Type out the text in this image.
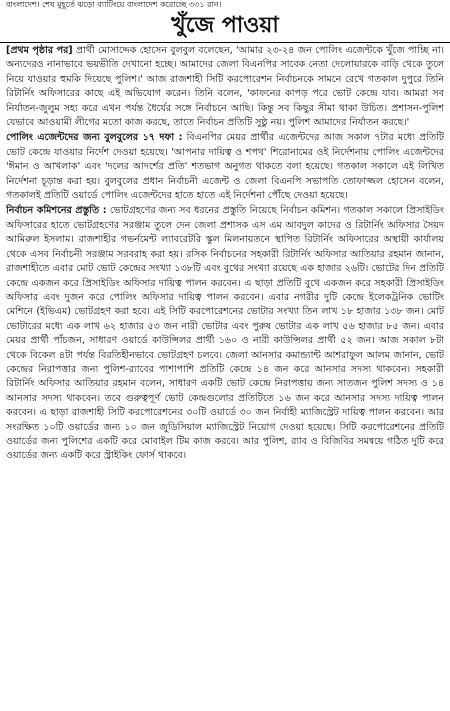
বাংলাদেশ। শেষ মুহূর্তে ঝড়ো ব্যাটিংয়ে বাংলাদেশ করোচ্ছে ৩৩১ রান।
খুঁজে পাওয়া

[প্রথম পৃষ্ঠার পর] প্রার্থী মোসাদ্দেক হোসেন বুলবুল বলেছেন, 'আমার ২৩-২৪ জন পোলিং এজেন্টকে খুঁজে পাচ্ছি না। অন্যদেরও নানাভাবে ভয়ভীতি দেখানো হচ্ছে। আমাদের জেলা বিএনপির সাবেক নেতা দেলোয়ারকে বাড়ি থেকে তুলে নিয়ে যাওয়ার হুমকি দিয়েছে পুলিশ।' আজ রাজশাহী সিটি করপোরেশন নির্বাচনকে সামনে রেখে গতকাল দুপুরে তিনি রিটার্নিং অফিসারের কাছে এই অভিযোগ করেন। তিনি বলেন, 'কাফনের কাপড় পরে ভোট কেন্দ্রে যাব। আমরা সব নির্যাতন-জুলুম সহ্য করে এখন পর্যন্ত ধৈর্যের সঙ্গে নির্বাচনে আছি। কিন্তু সব কিছুর সীমা থাকা উচিত। প্রশাসন-পুলিশ যেভাবে আওয়ামী লীগের মতো কাজ করছে, তাতে নির্বাচন প্রতিটি সুষ্ঠু নয়। পুলিশ আমাদের নির্যাতন করছে।'

পোলিং এজেন্টদের জন্য বুলবুলের ১৭ দফা : বিএনপির মেয়র প্রার্থীর এজেন্টদের আজ সকাল ৭টার মধ্যে প্রতিটি ভোট কেন্দ্রে যাওয়ার নির্দেশ দেওয়া হয়েছে। 'আপনার দায়িত্ব ও শপথ' শিরোনামের ওই নির্দেশনায় পোলিং এজেন্টদের 'ঈমান ও আখলাক' এবং 'দলের আদর্শের প্রতি' শতভাগ অনুগত থাকতে বলা হয়েছে। গতকাল সকালে এই লিখিত নির্দেশনা চূড়ান্ত করা হয়। বুলবুলের প্রধান নির্বাচনী এজেন্ট ও জেলা বিএনপি সভাপতি তোফাজ্জল হোসেন বলেন, গতকালই প্রতিটি ওয়ার্ডে পোলিং এজেন্টদের হাতে হাতে এই নির্দেশনা পৌঁছে দেওয়া হয়েছে।

নির্বাচন কমিশনের প্রস্তুতি : ভোটগ্রহণের জন্য সব ধরনের প্রস্তুতি নিয়েছে নির্বাচন কমিশন। গতকাল সকালে প্রিসাইডিং অফিসারের হাতে ভোটগ্রহণের সরঞ্জাম তুলে দেন জেলা প্রশাসক এস এম আবদুল কাদের ও রিটার্নিং অফিসার সৈয়দ আমিরুল ইসলাম। রাজশাহীর গভর্নমেন্ট ল্যাবরেটরি স্কুল মিলনায়তনে স্থাপিত রিটার্নিং অফিসারের অস্থায়ী কার্যালয় থেকে এসব নির্বাচনী সরঞ্জাম সরবরাহ করা হয়। রসিক নির্বাচনের সহকারী রিটার্নিং অফিসার আতিয়ার রহমান জানান, রাজশাহীতে এবার মোট ভোট কেন্দ্রের সংখ্যা ১৩৮টি এবং বুথের সংখ্যা রয়েছে এক হাজার ২৬টি। ভোটের দিন প্রতিটি কেন্দ্রে একজন করে প্রিসাইডিং অফিসার দায়িত্ব পালন করবেন। এ ছাড়া প্রতিটি বুথে একজন করে সহকারী প্রিসাইডিং অফিসার এবং দুজন করে পোলিং অফিসার দায়িত্ব পালন করবেন। এবার নগরীর দুটি কেন্দ্রে ইলেকট্রনিক ভোটিং মেশিনে (ইভিএম) ভোটগ্রহণ করা হবে। এই সিটি করপোরেশনের ভোটার সংখ্যা তিন লাখ ১৮ হাজার ১৩৮ জন। মোট ভোটারের মধ্যে এক লাখ ৬২ হাজার ৫৩ জন নারী ভোটার এবং পুরুষ ভোটার এক লাখ ৫৬ হাজার ৮৫ জন। এবার মেয়র প্রার্থী পাঁচজন, সাধারণ ওয়ার্ডে কাউন্সিলর প্রার্থী ১৬০ ও নারী কাউন্সিলর প্রার্থী ৫২ জন। আজ সকাল ৮টা থেকে বিকেল ৪টা পর্যন্ত বিরতিহীনভাবে ভোটগ্রহণ চলবে। জেলা আনসার কমান্ড্যান্ট আশরাফুল আলম জানান, ভোট কেন্দ্রের নিরাপত্তার জন্য পুলিশ-র‌্যাবের পাশাপাশি প্রতিটি কেন্দ্রে ১৪ জন করে আনসার সদস্য থাকবেন। সহকারী রিটার্নিং অফিসার আতিয়ার রহমান বলেন, সাধারণ একটি ভোট কেন্দ্রে নিরাপত্তায় জন্য সাতজন পুলিশ সদস্য ও ১৪ আনসার সদস্য থাকবেন। তবে গুরুত্বপূর্ণ ভোট কেন্দ্রগুলোর প্রতিটিতে ১৬ জন করে আনসার সদস্য দায়িত্ব পালন করবেন। এ ছাড়া রাজশাহী সিটি করপোরেশনের ৩০টি ওয়ার্ডে ৩০ জন নির্বাহী ম্যাজিস্ট্রেট দায়িত্ব পালন করবেন। আর সংরক্ষিত ১০টি ওয়ার্ডের জন্য ১০ জন জুডিসিয়াল ম্যাজিস্ট্রেট নিয়োগ দেওয়া হয়েছে। সিটি করপোরেশনের প্রতিটি ওয়ার্ডের জন্য পুলিশের একটি করে মোবাইল টিম কাজ করবে। আর পুলিশ, র‌্যাব ও বিজিবির সমন্বয়ে গঠিত দুটি করে ওয়ার্ডের জন্য একটি করে স্ট্রাইকিং ফোর্স থাকবে।
